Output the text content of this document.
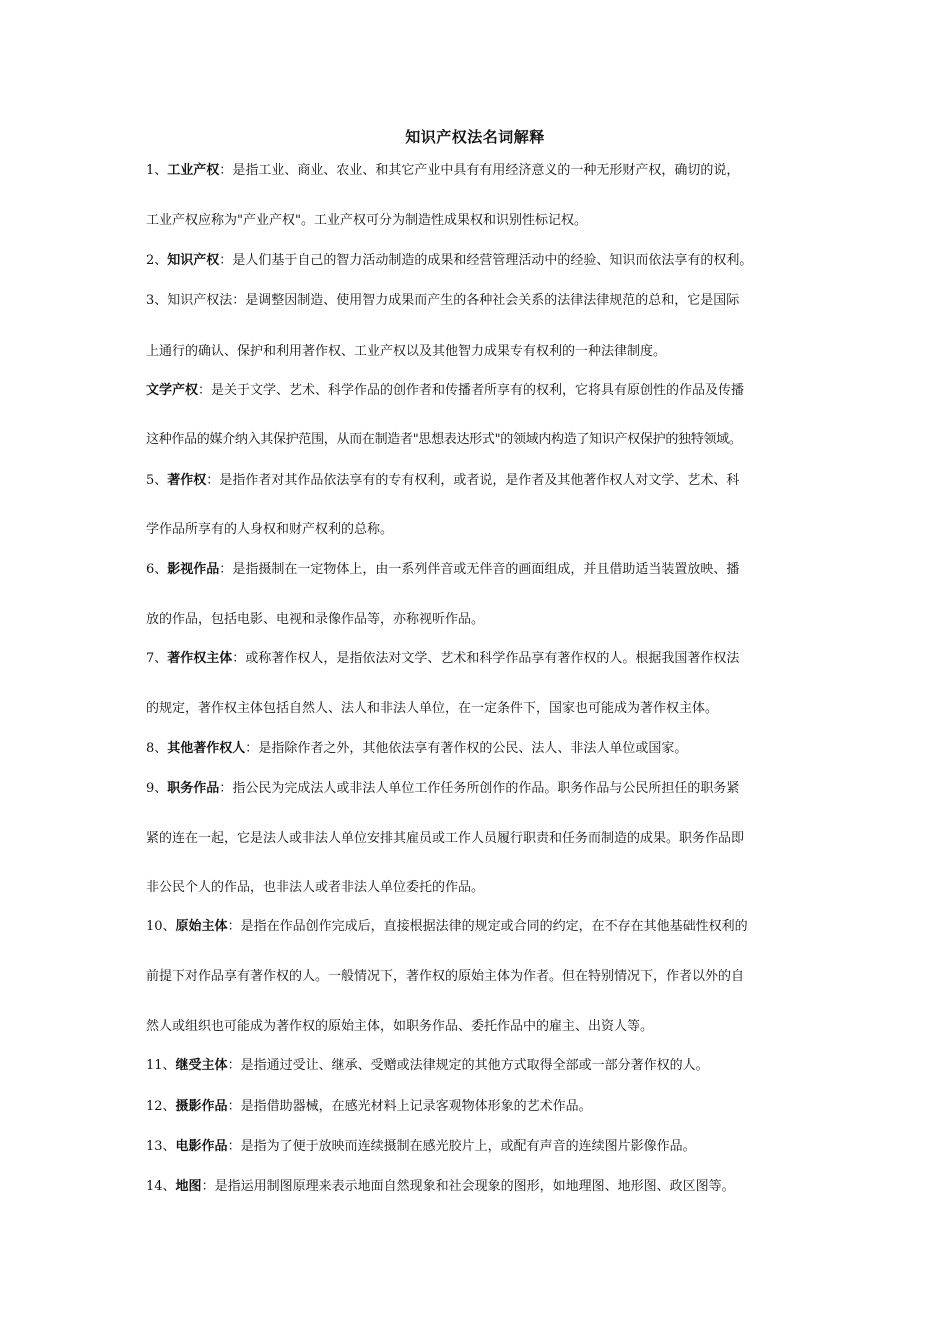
知识产权法名词解释
1、工业产权：是指工业、商业、农业、和其它产业中具有有用经济意义的一种无形财产权，确切的说，
工业产权应称为"产业产权"。工业产权可分为制造性成果权和识别性标记权。
2、知识产权：是人们基于自己的智力活动制造的成果和经营管理活动中的经验、知识而依法享有的权利。
3、知识产权法：是调整因制造、使用智力成果而产生的各种社会关系的法律法律规范的总和，它是国际
上通行的确认、保护和利用著作权、工业产权以及其他智力成果专有权利的一种法律制度。
文学产权：是关于文学、艺术、科学作品的创作者和传播者所享有的权利，它将具有原创性的作品及传播
这种作品的媒介纳入其保护范围，从而在制造者"思想表达形式"的领域内构造了知识产权保护的独特领域。
5、著作权：是指作者对其作品依法享有的专有权利，或者说，是作者及其他著作权人对文学、艺术、科
学作品所享有的人身权和财产权利的总称。
6、影视作品：是指摄制在一定物体上，由一系列伴音或无伴音的画面组成，并且借助适当装置放映、播
放的作品，包括电影、电视和录像作品等，亦称视听作品。
7、著作权主体：或称著作权人，是指依法对文学、艺术和科学作品享有著作权的人。根据我国著作权法
的规定，著作权主体包括自然人、法人和非法人单位，在一定条件下，国家也可能成为著作权主体。
8、其他著作权人：是指除作者之外，其他依法享有著作权的公民、法人、非法人单位或国家。
9、职务作品：指公民为完成法人或非法人单位工作任务所创作的作品。职务作品与公民所担任的职务紧
紧的连在一起，它是法人或非法人单位安排其雇员或工作人员履行职责和任务而制造的成果。职务作品即
非公民个人的作品，也非法人或者非法人单位委托的作品。
10、原始主体：是指在作品创作完成后，直接根据法律的规定或合同的约定，在不存在其他基础性权利的
前提下对作品享有著作权的人。一般情况下，著作权的原始主体为作者。但在特别情况下，作者以外的自
然人或组织也可能成为著作权的原始主体，如职务作品、委托作品中的雇主、出资人等。
11、继受主体：是指通过受让、继承、受赠或法律规定的其他方式取得全部或一部分著作权的人。
12、摄影作品：是指借助器械，在感光材料上记录客观物体形象的艺术作品。
13、电影作品：是指为了便于放映而连续摄制在感光胶片上，或配有声音的连续图片影像作品。
14、地图：是指运用制图原理来表示地面自然现象和社会现象的图形，如地理图、地形图、政区图等。
